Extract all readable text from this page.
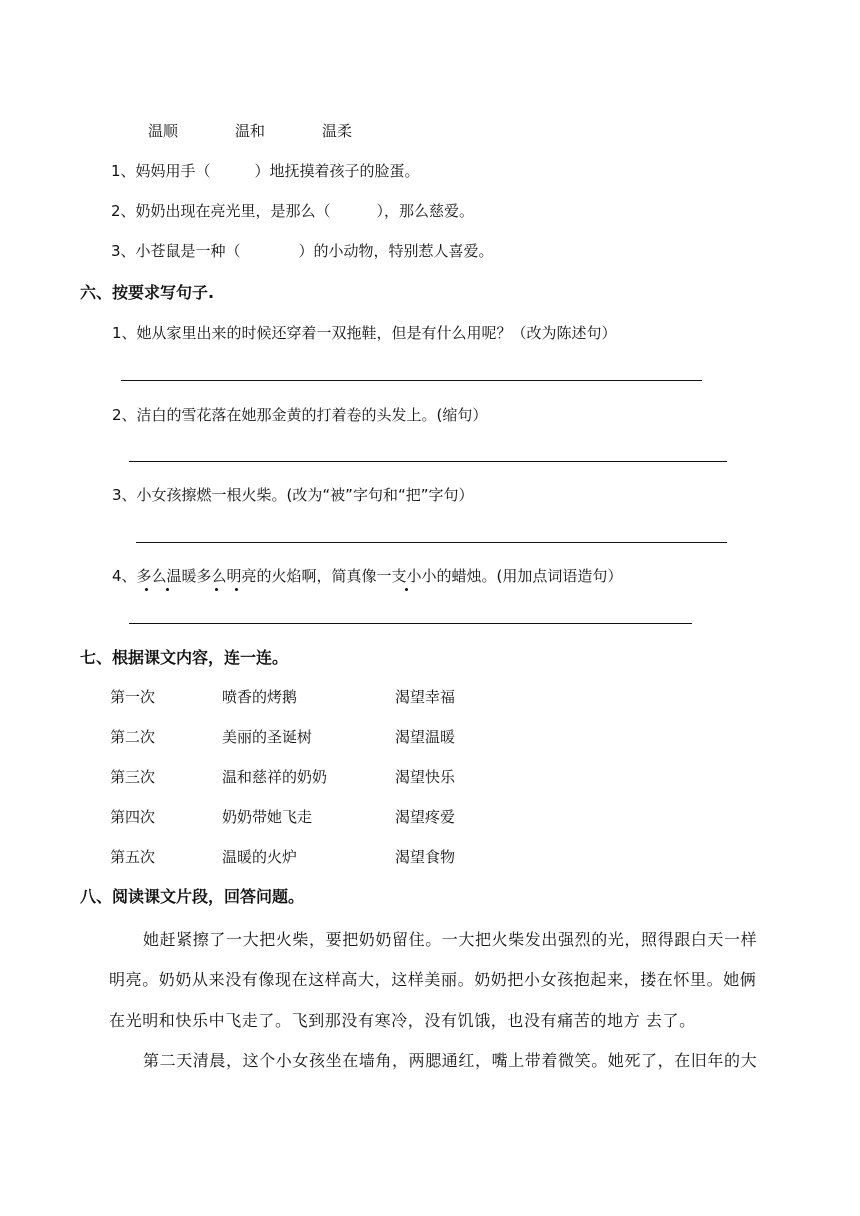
温顺	温和	温柔
1、妈妈用手（	）地抚摸着孩子的脸蛋。
2、奶奶出现在亮光里，是那么（	），那么慈爱。
3、小苍鼠是一种（	）的小动物，特别惹人喜爱。
六、按要求写句子.
1、她从家里出来的时候还穿着一双拖鞋，但是有什么用呢？（改为陈述句）
2、洁白的雪花落在她那金黄的打着卷的头发上。(缩句）
3、小女孩擦燃一根火柴。(改为“被”字句和“把”字句）
4、多么温暖多么明亮的火焰啊，简真像一支小小的蜡烛。(用加点词语造句）
七、根据课文内容，连一连。
第一次	喷香的烤鹅	渴望幸福
第二次	美丽的圣诞树	渴望温暖
第三次	温和慈祥的奶奶	渴望快乐
第四次	奶奶带她飞走	渴望疼爱
第五次	温暖的火炉	渴望食物
八、阅读课文片段，回答问题。
她赶紧擦了一大把火柴，要把奶奶留住。一大把火柴发出强烈的光，照得跟白天一样
明亮。奶奶从来没有像现在这样高大，这样美丽。奶奶把小女孩抱起来，搂在怀里。她俩
在光明和快乐中飞走了。飞到那没有寒冷，没有饥饿，也没有痛苦的地方 去了。
第二天清晨，这个小女孩坐在墙角，两腮通红，嘴上带着微笑。她死了，在旧年的大
